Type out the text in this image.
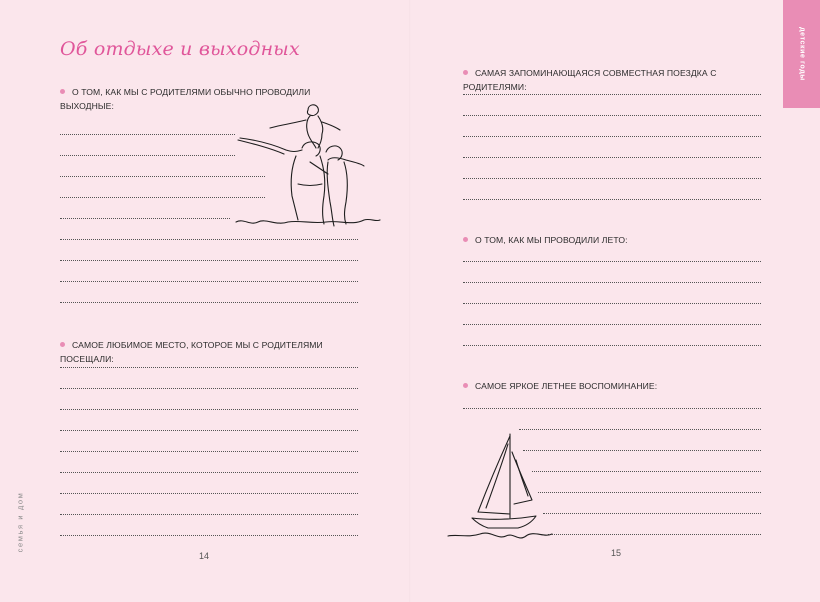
Об отдыхе и выходных
О ТОМ, КАК МЫ С РОДИТЕЛЯМИ ОБЫЧНО ПРОВОДИЛИ ВЫХОДНЫЕ:
САМОЕ ЛЮБИМОЕ МЕСТО, КОТОРОЕ МЫ С РОДИТЕЛЯМИ ПОСЕЩАЛИ:
семья и дом
14
детские годы
САМАЯ ЗАПОМИНАЮЩАЯСЯ СОВМЕСТНАЯ ПОЕЗДКА С РОДИТЕЛЯМИ:
О ТОМ, КАК МЫ ПРОВОДИЛИ ЛЕТО:
САМОЕ ЯРКОЕ ЛЕТНЕЕ ВОСПОМИНАНИЕ:
15
